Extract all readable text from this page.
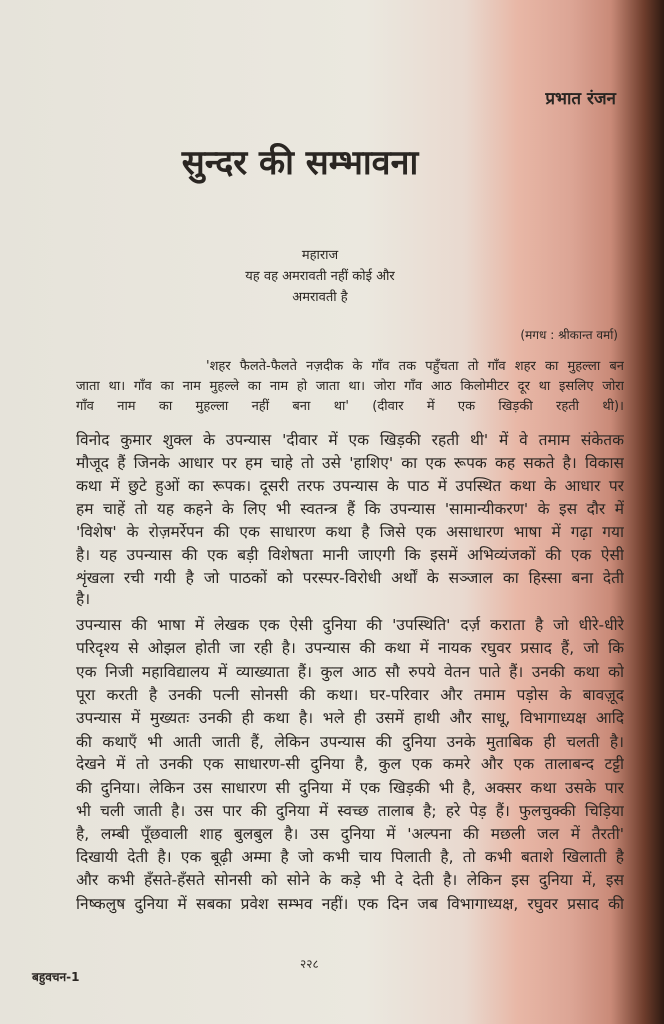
प्रभात रंजन
सुन्दर की सम्भावना
महाराज
यह वह अमरावती नहीं कोई और
अमरावती है
(मगध : श्रीकान्त वर्मा)
'शहर फैलते-फैलते नज़दीक के गाँव तक पहुँचता तो गाँव शहर का मुहल्ला बन
जाता था। गाँव का नाम मुहल्ले का नाम हो जाता था। जोरा गाँव आठ किलोमीटर दूर था इसलिए जोरा
गाँव नाम का मुहल्ला नहीं बना था' (दीवार में एक खिड़की रहती थी)।
विनोद कुमार शुक्ल के उपन्यास 'दीवार में एक खिड़की रहती थी' में वे तमाम संकेतक
मौजूद हैं जिनके आधार पर हम चाहे तो उसे 'हाशिए' का एक रूपक कह सकते है। विकास
कथा में छुटे हुओं का रूपक। दूसरी तरफ उपन्यास के पाठ में उपस्थित कथा के आधार पर
हम चाहें तो यह कहने के लिए भी स्वतन्त्र हैं कि उपन्यास 'सामान्यीकरण' के इस दौर में
'विशेष' के रोज़मर्रेपन की एक साधारण कथा है जिसे एक असाधारण भाषा में गढ़ा गया
है। यह उपन्यास की एक बड़ी विशेषता मानी जाएगी कि इसमें अभिव्यंजकों की एक ऐसी
शृंखला रची गयी है जो पाठकों को परस्पर-विरोधी अर्थों के सञ्जाल का हिस्सा बना देती
है।
उपन्यास की भाषा में लेखक एक ऐसी दुनिया की 'उपस्थिति' दर्ज़ कराता है जो धीरे-धीरे
परिदृश्य से ओझल होती जा रही है। उपन्यास की कथा में नायक रघुवर प्रसाद हैं, जो कि
एक निजी महाविद्यालय में व्याख्याता हैं। कुल आठ सौ रुपये वेतन पाते हैं। उनकी कथा को
पूरा करती है उनकी पत्नी सोनसी की कथा। घर-परिवार और तमाम पड़ोस के बावज़ूद
उपन्यास में मुख्यतः उनकी ही कथा है। भले ही उसमें हाथी और साधू, विभागाध्यक्ष आदि
की कथाएँ भी आती जाती हैं, लेकिन उपन्यास की दुनिया उनके मुताबिक ही चलती है।
देखने में तो उनकी एक साधारण-सी दुनिया है, कुल एक कमरे और एक तालाबन्द टट्टी
की दुनिया। लेकिन उस साधारण सी दुनिया में एक खिड़की भी है, अक्सर कथा उसके पार
भी चली जाती है। उस पार की दुनिया में स्वच्छ तालाब है; हरे पेड़ हैं। फुलचुक्की चिड़िया
है, लम्बी पूँछवाली शाह बुलबुल है। उस दुनिया में 'अल्पना की मछली जल में तैरती'
दिखायी देती है। एक बूढ़ी अम्मा है जो कभी चाय पिलाती है, तो कभी बताशे खिलाती है
और कभी हँसते-हँसते सोनसी को सोने के कड़े भी दे देती है। लेकिन इस दुनिया में, इस
निष्कलुष दुनिया में सबका प्रवेश सम्भव नहीं। एक दिन जब विभागाध्यक्ष, रघुवर प्रसाद की
बहुवचन-1
२२८
